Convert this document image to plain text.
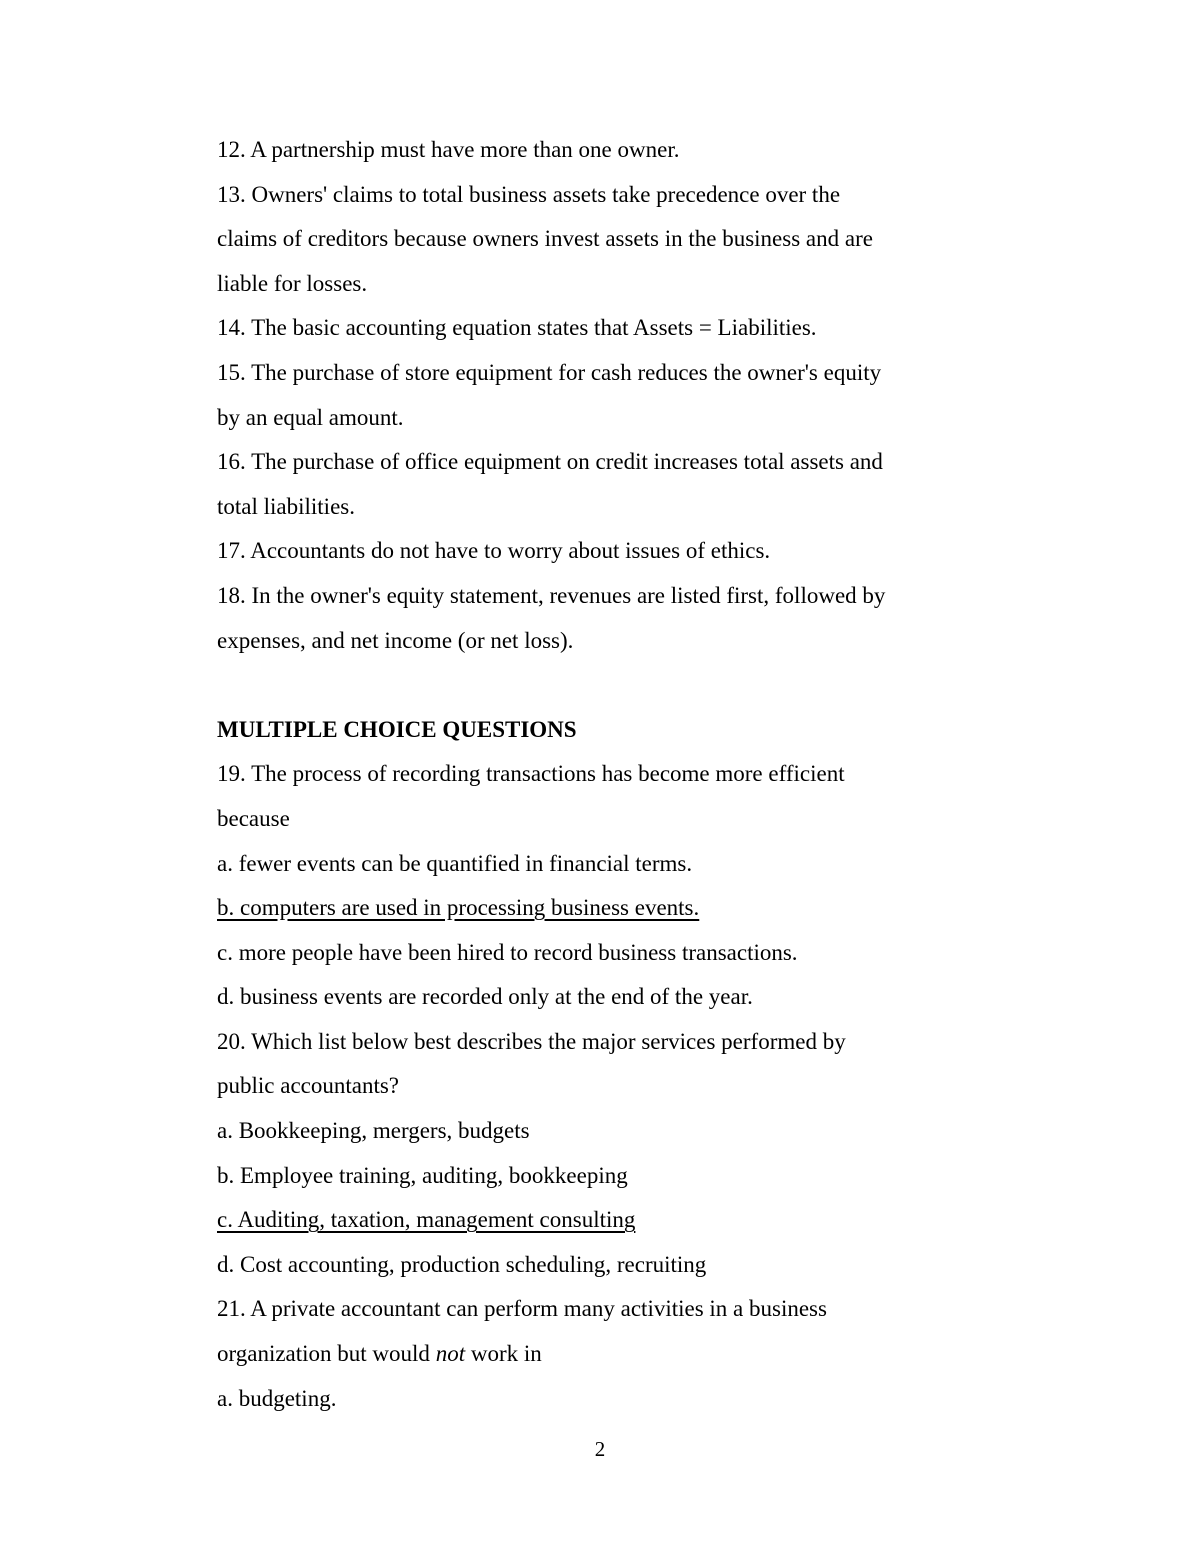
12. A partnership must have more than one owner.
13. Owners' claims to total business assets take precedence over the
claims of creditors because owners invest assets in the business and are
liable for losses.
14. The basic accounting equation states that Assets = Liabilities.
15. The purchase of store equipment for cash reduces the owner's equity
by an equal amount.
16. The purchase of office equipment on credit increases total assets and
total liabilities.
17. Accountants do not have to worry about issues of ethics.
18. In the owner's equity statement, revenues are listed first, followed by
expenses, and net income (or net loss).
MULTIPLE CHOICE QUESTIONS
19. The process of recording transactions has become more efficient
because
a. fewer events can be quantified in financial terms.
b. computers are used in processing business events.
c. more people have been hired to record business transactions.
d. business events are recorded only at the end of the year.
20. Which list below best describes the major services performed by
public accountants?
a. Bookkeeping, mergers, budgets
b. Employee training, auditing, bookkeeping
c. Auditing, taxation, management consulting
d. Cost accounting, production scheduling, recruiting
21. A private accountant can perform many activities in a business
organization but would not work in
a. budgeting.
2
